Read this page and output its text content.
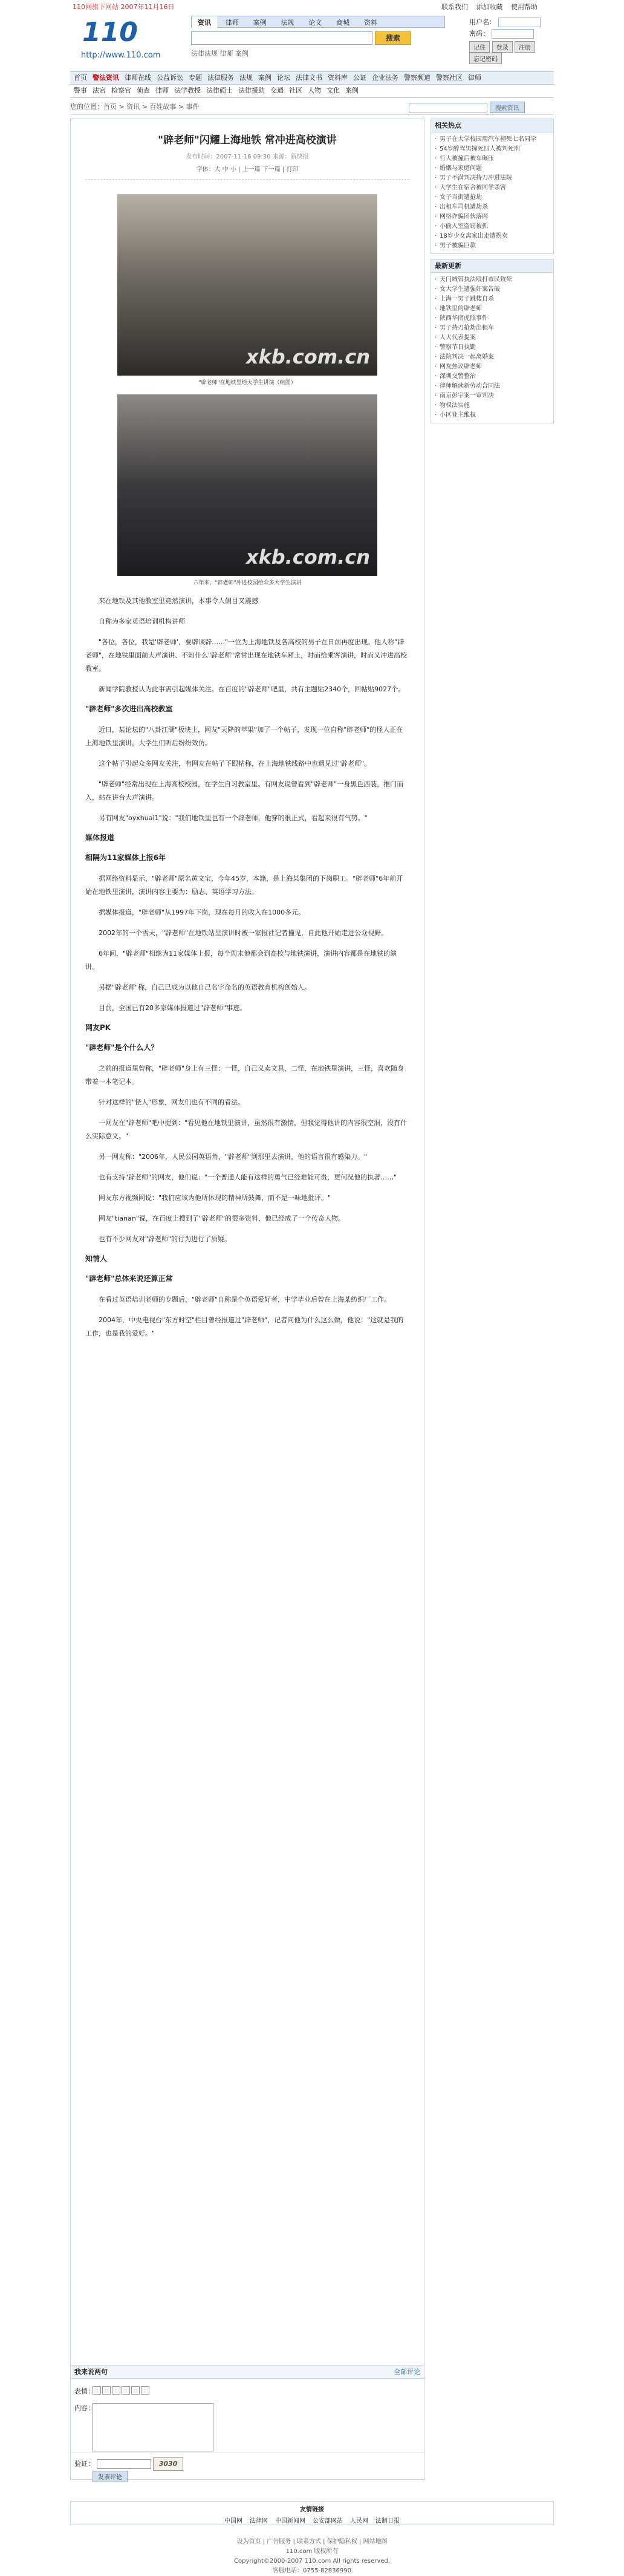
110网旗下网站 2007年11月16日	联系我们 添加收藏 使用帮助
110
http://www.110.com
资讯 律师 案例 法规 论文 商城 资料
搜索
法律法规 律师 案例
用户名：
密码：
记住 登录 注册 忘记密码
首页 警法资讯 律师在线 公益诉讼 专题 法律服务 法规 案例 论坛 法律文书 资料库 公证 企业法务 警察频道 警察社区 律师
警事 法官 检察官 侦查 律师 法学教授 法律硕士 法律援助 交通 社区 人物 文化 案例
您的位置：首页 > 资讯 > 百姓故事 > 事件	搜索资讯
"辟老师"闪耀上海地铁 常冲进高校演讲
发布时间：2007-11-16 09:30 来源：新快报
字体：大 中 小 | 上一篇 下一篇 | 打印
xkb.com.cn
"辟老师"在地铁里给大学生讲演（组图）
xkb.com.cn
六年来，"辟老师"冲进校园给众多大学生演讲

来在地铁及其他教室里竞然演讲，本事令人侧目又震撼

自称为多家英语培训机构讲师

"各位，各位，我是'辟老师'，要辟谈辟……"一位为上海地铁及各高校的男子在日前再度出现。他人称"辟老师"，在地铁里面前大声演讲、不知什么"辟老师"常常出现在地铁车厢上，时而给乘客演讲，时而又冲进高校教室。

新闻学院教授认为此事需引起媒体关注。在百度的"辟老师"吧里，共有主题贴2340个，回帖贴9027个。

"辟老师"多次进出高校教室

近日，某论坛的"八卦江湖"板块上，网友"天降的苹果"加了一个帖子，发现一位自称"辟老师"的怪人正在上海地铁里演讲，大学生们听后纷纷效仿。

这个帖子引起众多网友关注，有网友在帖子下跟帖称，在上海地铁线路中也遇见过"辟老师"。

"辟老师"经常出现在上海高校校园，在学生自习教室里。有网友说曾看到"辟老师"一身黑色西装，推门而入，站在讲台大声演讲。

另有网友"oyxhuai1"说："我们地铁里也有一个辟老师，他穿的很正式，看起来很有气势。"

媒体报道
相隔为11家媒体上报6年

据网络资料显示，"辟老师"原名黄文宝，今年45岁，本籍，是上海某集团的下岗职工。"辟老师"6年前开始在地铁里演讲，演讲内容主要为：励志、英语学习方法。

据媒体报道，"辟老师"从1997年下岗，现在每月的收入在1000多元。

2002年的一个雪天，"辟老师"在地铁站里演讲时被一家报社记者撞见，自此他开始走进公众视野。

6年间，"辟老师"相继为11家媒体上报，每个周末他都会到高校与地铁演讲，演讲内容都是在地铁的演讲。

另据"辟老师"称，自己已成为以他自己名字命名的英语教育机构创始人。

目前，全国已有20多家媒体报道过"辟老师"事迹。

网友PK
"辟老师"是个什么人？

之前的报道里曾称，"辟老师"身上有三怪：一怪，自己义卖文具，二怪，在地铁里演讲，三怪，喜欢随身带着一本笔记本。

针对这样的"怪人"形象，网友们也有不同的看法。

一网友在"辟老师"吧中提到："看见他在地铁里演讲，虽然很有激情，但我觉得他讲的内容很空洞，没有什么实际意义。"

另一网友称："2006年，人民公园英语角，"辟老师"到那里去演讲，他的语言很有感染力。"

也有支持"辟老师"的网友，他们说："一个普通人能有这样的勇气已经难能可贵，更何况他的执著……"

网友东方视频网说："我们应该为他所体现的精神所鼓舞，而不是一味地批评。"

网友"tianan"说，在百度上搜到了"辟老师"的很多资料，他已经成了一个传奇人物。

也有不少网友对"辟老师"的行为进行了质疑。

知情人
"辟老师"总体来说还算正常

在看过英语培训老师的专题后，"辟老师"自称是个英语爱好者，中学毕业后曾在上海某纺织厂工作。

2004年，中央电视台"东方时空"栏目曾经报道过"辟老师"，记者问他为什么这么做，他说："这就是我的工作，也是我的爱好。"

相关热点
· 男子在大学校园用汽车撞死七名同学
· 54岁醉驾男撞死四人被判死刑
· 行人被撞后被车碾压
· 婚姻与家庭问题
· 男子不满判决持刀冲进法院
· 大学生在宿舍被同学杀害
· 女子当街遭抢劫
· 出租车司机遭劫杀
· 网络诈骗团伙落网
· 小偷入室盗窃被抓
· 18岁少女离家出走遭拐卖
· 男子被骗巨款
最新更新
· 天门城管执法殴打市民致死
· 女大学生遭强奸案告破
· 上海一男子跳楼自杀
· 地铁里的辟老师
· 陕西华南虎照事件
· 男子持刀抢劫出租车
· 人大代表提案
· 警察节日执勤
· 法院判决一起离婚案
· 网友热议辟老师
· 深圳交警整治
· 律师解读新劳动合同法
· 南京彭宇案一审判决
· 物权法实施
· 小区业主维权
我来说两句	全部评论
表情：
内容：
验证：	3030
发表评论
友情链接
中国网 法律网 中国新闻网 公安部网站 人民网 法制日报
设为首页 | 广告服务 | 联系方式 | 保护隐私权 | 网站地图
110.com 版权所有
Copyright©2000-2007 110.com All rights reserved.
客服电话：0755-82836990
